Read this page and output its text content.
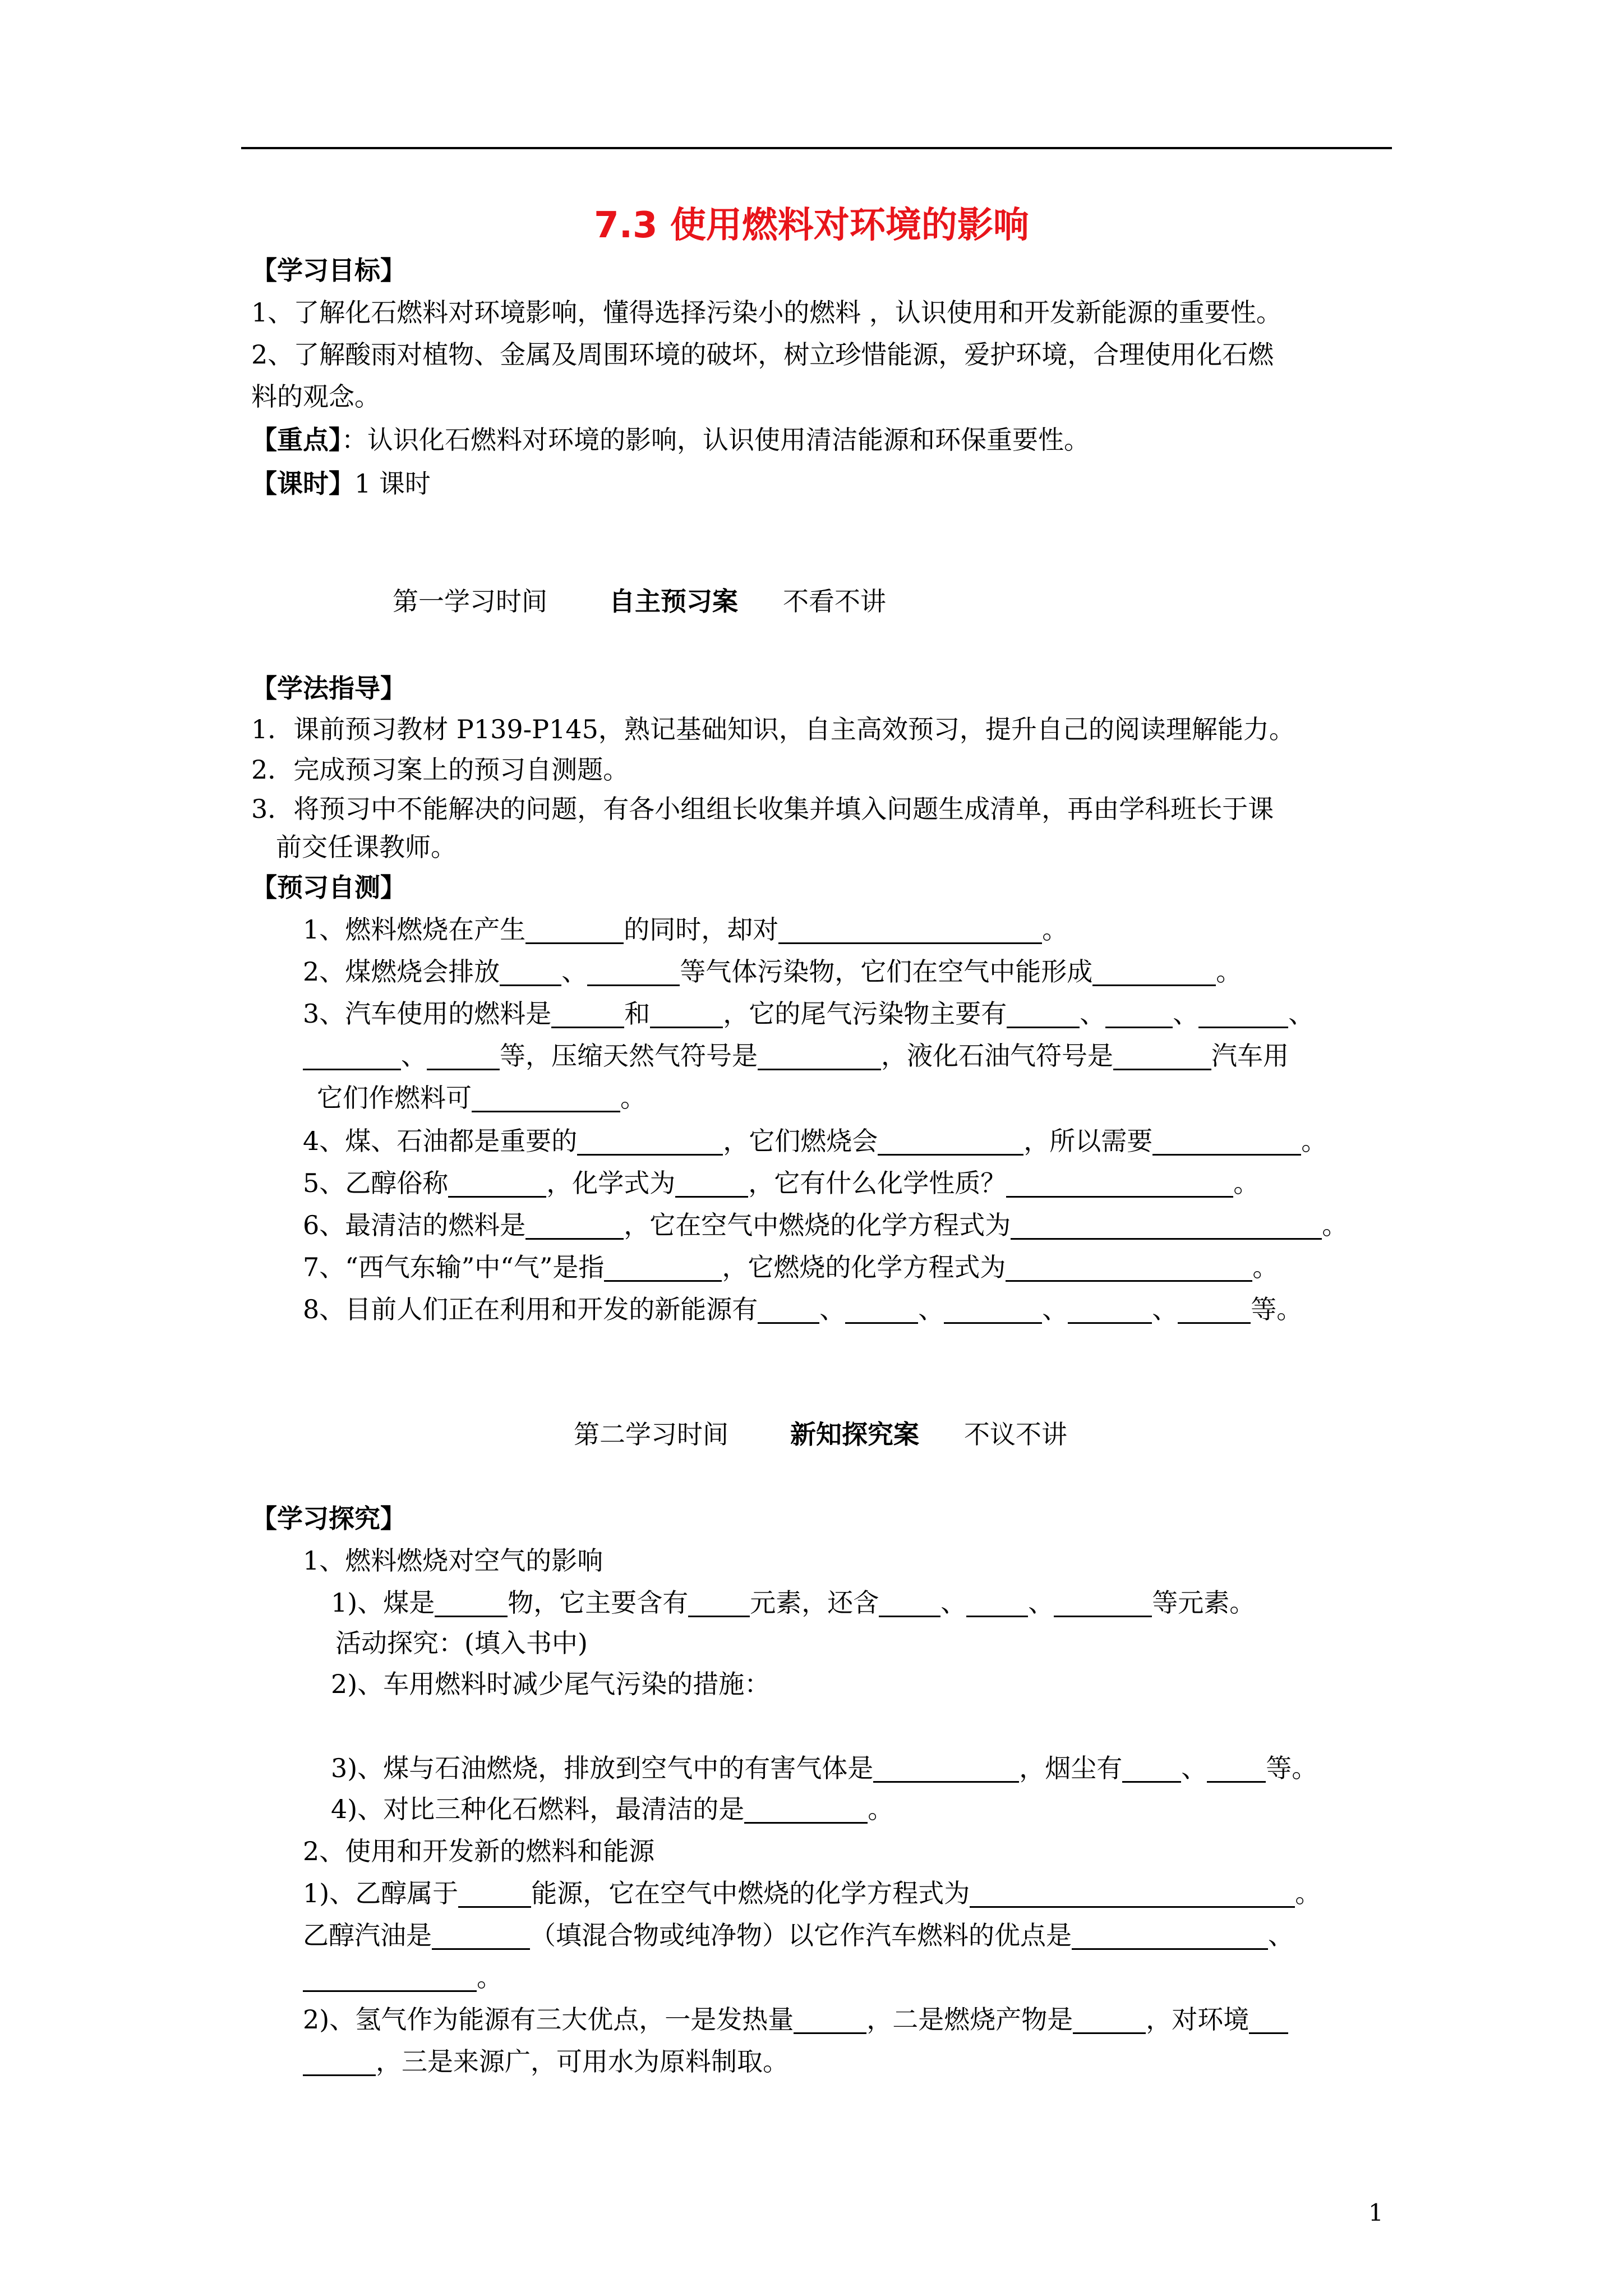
7.3 使用燃料对环境的影响
【学习目标】
1、了解化石燃料对环境影响，懂得选择污染小的燃料 ，认识使用和开发新能源的重要性。
2、了解酸雨对植物、金属及周围环境的破坏，树立珍惜能源，爱护环境，合理使用化石燃
料的观念。
【重点】：认识化石燃料对环境的影响，认识使用清洁能源和环保重要性。
【课时】1 课时
第一学习时间 自主预习案 不看不讲
【学法指导】
1．课前预习教材 P139-P145，熟记基础知识，自主高效预习，提升自己的阅读理解能力。
2．完成预习案上的预习自测题。
3．将预习中不能解决的问题，有各小组组长收集并填入问题生成清单，再由学科班长于课
前交任课教师。
【预习自测】
1、燃料燃烧在产生	的同时，却对	。
2、煤燃烧会排放 、	等气体污染物，它们在空气中能形成	。
3、汽车使用的燃料是	和	，它的尾气污染物主要有	、	、	、
、	等，压缩天然气符号是	，液化石油气符号是	汽车用
它们作燃料可	。
4、煤、石油都是重要的	，它们燃烧会	，所以需要	。
5、乙醇俗称	，化学式为	，它有什么化学性质？	。
6、最清洁的燃料是	，它在空气中燃烧的化学方程式为	。
7、“西气东输”中“气”是指	，它燃烧的化学方程式为	。
8、目前人们正在利用和开发的新能源有 、	、	、	、	等。
第二学习时间 新知探究案 不议不讲
【学习探究】
1、燃料燃烧对空气的影响
1)、煤是	物，它主要含有 元素，还含 、 、	等元素。
活动探究：(填入书中)
2)、车用燃料时减少尾气污染的措施：
3)、煤与石油燃烧，排放到空气中的有害气体是	，烟尘有 、 等。
4)、对比三种化石燃料，最清洁的是	。
2、使用和开发新的燃料和能源
1)、乙醇属于	能源，它在空气中燃烧的化学方程式为	。
乙醇汽油是	（填混合物或纯净物）以它作汽车燃料的优点是	、
。
2)、氢气作为能源有三大优点，一是发热量	，二是燃烧产物是	，对环境
，三是来源广，可用水为原料制取。
1
